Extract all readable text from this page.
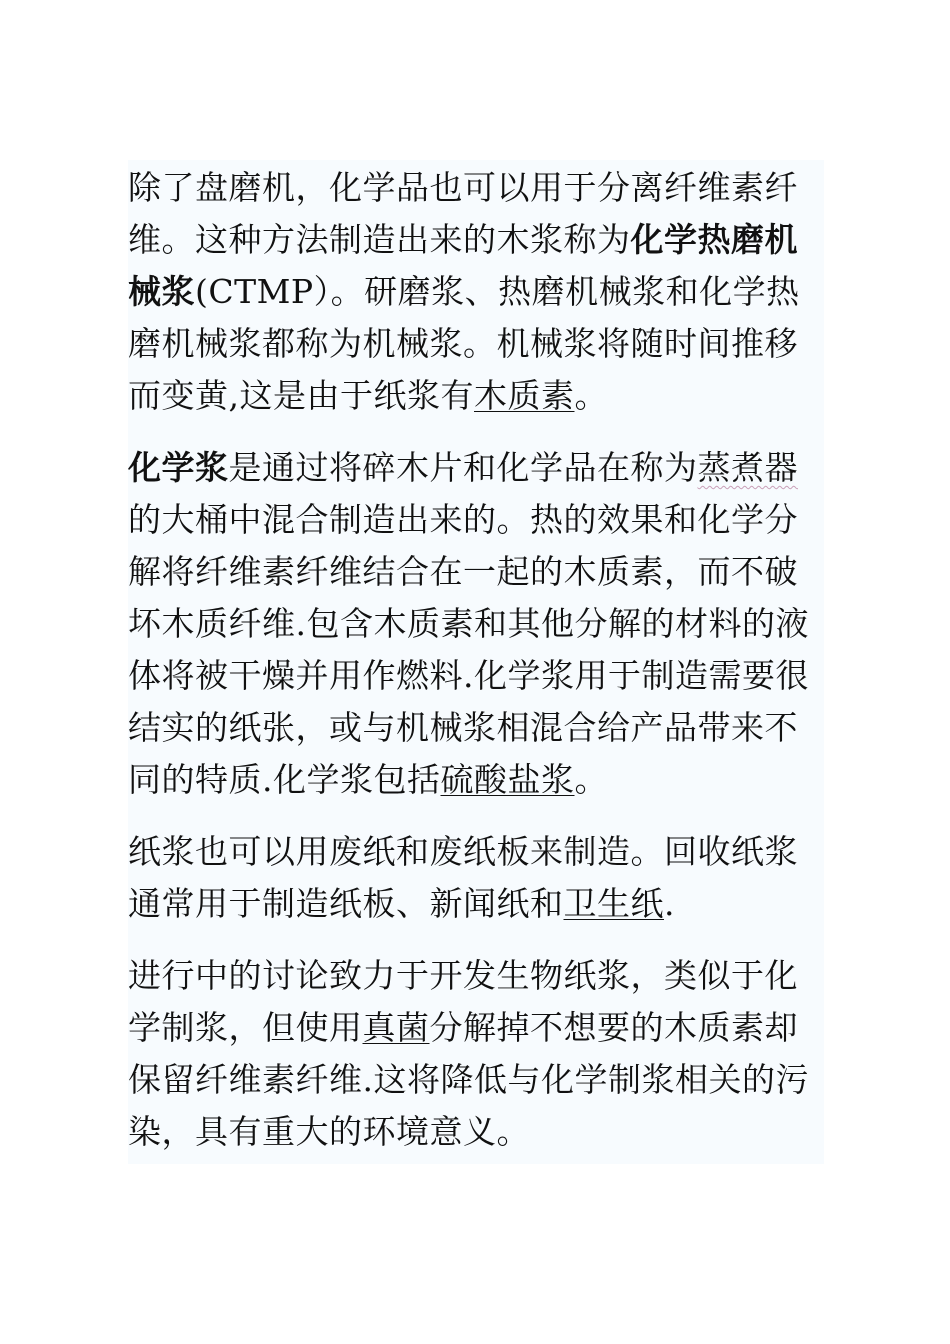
除了盘磨机，化学品也可以用于分离纤维素纤维。这种方法制造出来的木浆称为化学热磨机械浆(CTMP）。研磨浆、热磨机械浆和化学热磨机械浆都称为机械浆。机械浆将随时间推移而变黄,这是由于纸浆有木质素。

化学浆是通过将碎木片和化学品在称为蒸煮器的大桶中混合制造出来的。热的效果和化学分解将纤维素纤维结合在一起的木质素，而不破坏木质纤维.包含木质素和其他分解的材料的液体将被干燥并用作燃料.化学浆用于制造需要很结实的纸张，或与机械浆相混合给产品带来不同的特质.化学浆包括硫酸盐浆。

纸浆也可以用废纸和废纸板来制造。回收纸浆通常用于制造纸板、新闻纸和卫生纸.

进行中的讨论致力于开发生物纸浆，类似于化学制浆，但使用真菌分解掉不想要的木质素却保留纤维素纤维.这将降低与化学制浆相关的污染，具有重大的环境意义。
